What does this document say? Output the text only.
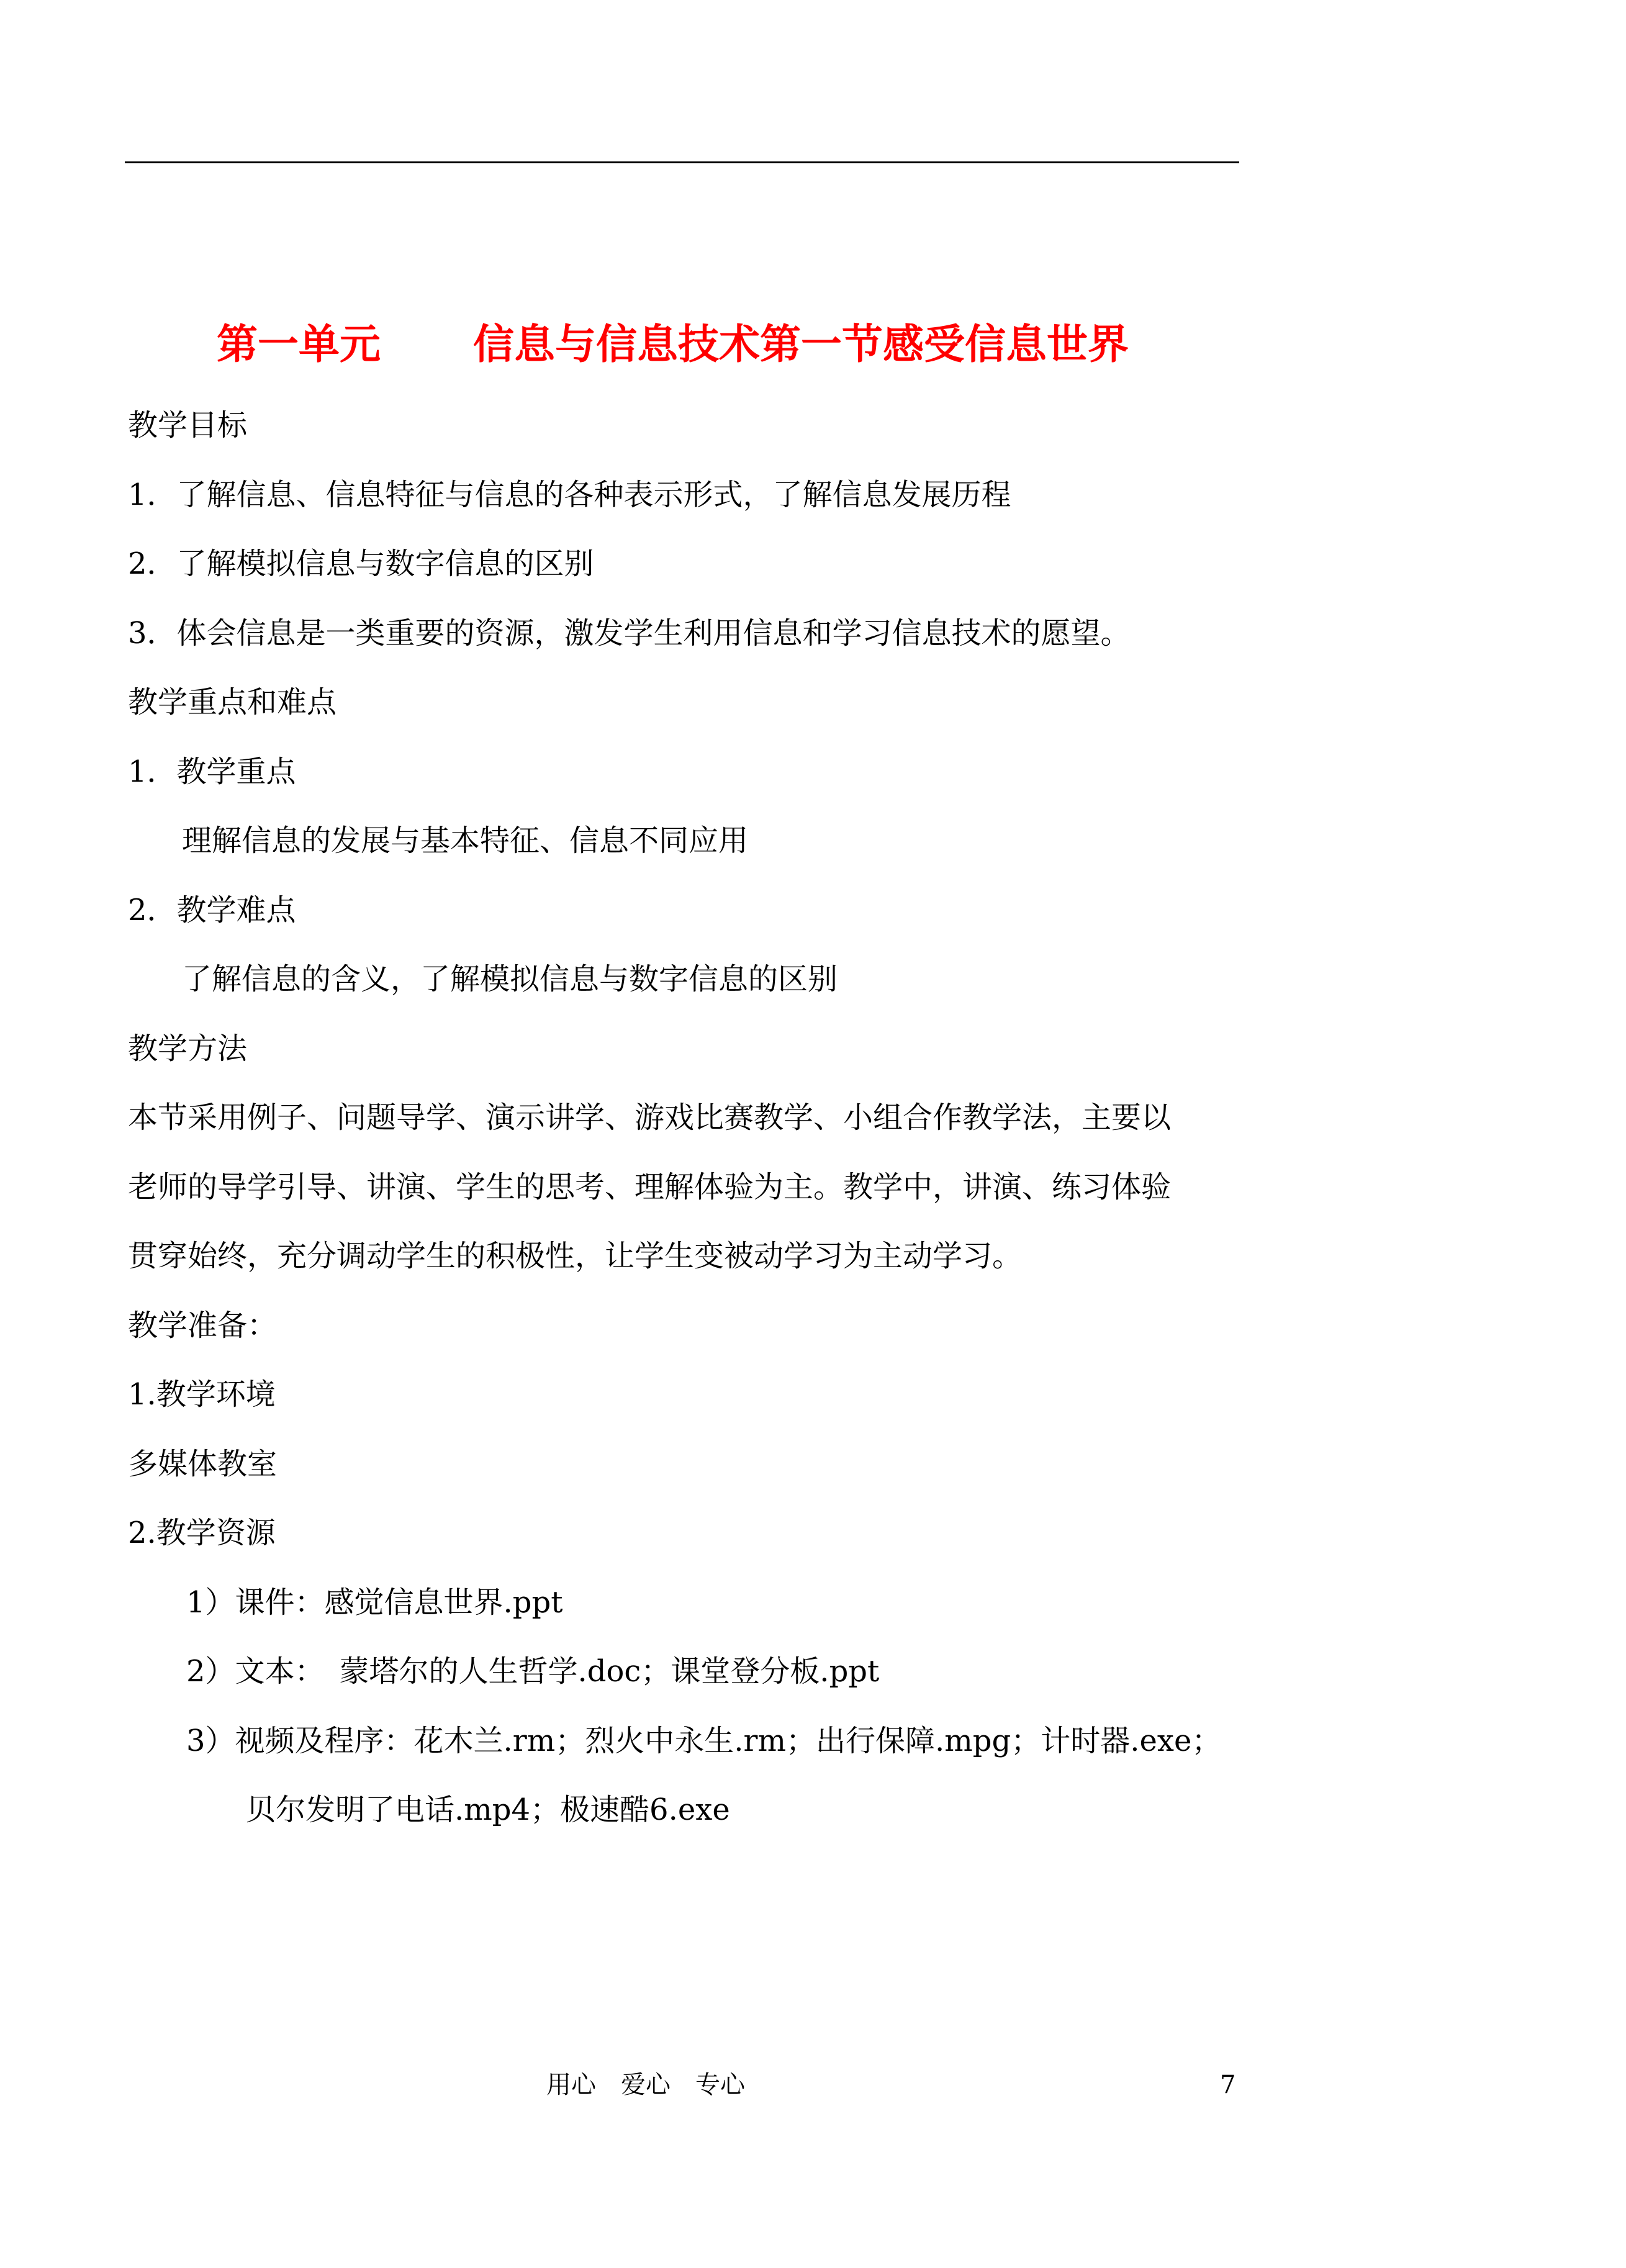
第一单元 信息与信息技术第一节感受信息世界
教学目标
1．了解信息、信息特征与信息的各种表示形式，了解信息发展历程
2．了解模拟信息与数字信息的区别
3．体会信息是一类重要的资源，激发学生利用信息和学习信息技术的愿望。
教学重点和难点
1．教学重点
理解信息的发展与基本特征、信息不同应用
2．教学难点
了解信息的含义，了解模拟信息与数字信息的区别
教学方法
本节采用例子、问题导学、演示讲学、游戏比赛教学、小组合作教学法，主要以
老师的导学引导、讲演、学生的思考、理解体验为主。教学中，讲演、练习体验
贯穿始终，充分调动学生的积极性，让学生变被动学习为主动学习。
教学准备：
1.教学环境
多媒体教室
2.教学资源
1）课件：感觉信息世界.ppt
2）文本：　蒙塔尔的人生哲学.doc；课堂登分板.ppt
3）视频及程序：花木兰.rm；烈火中永生.rm；出行保障.mpg；计时器.exe；
贝尔发明了电话.mp4；极速酷6.exe
用心　爱心　专心	7
